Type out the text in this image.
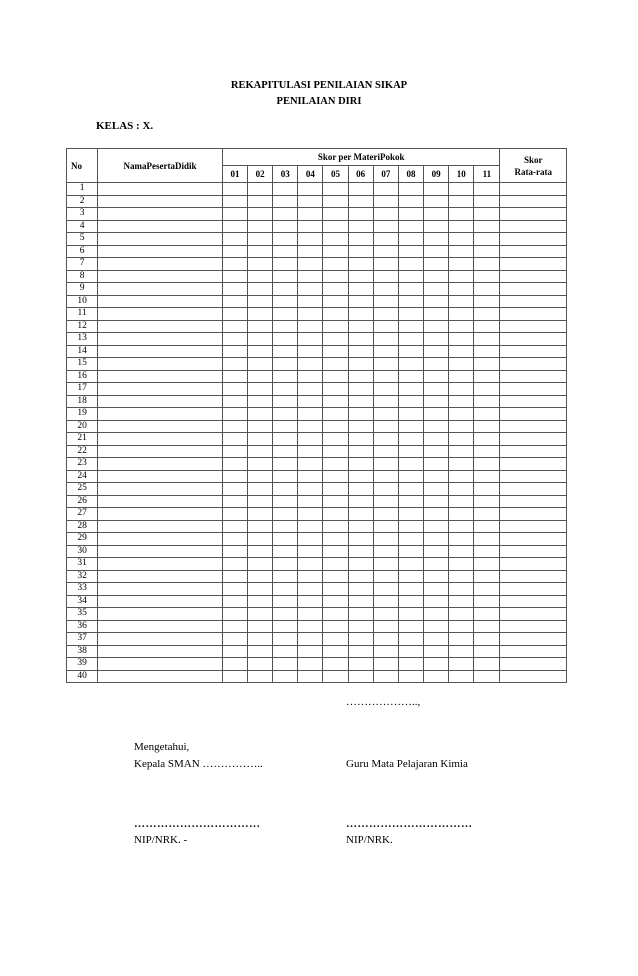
REKAPITULASI PENILAIAN SIKAP
PENILAIAN DIRI
KELAS : X.
No	NamaPesertaDidik	Skor per MateriPokok											Skor
Rata-rata

		01	02	03	04	05	06	07	08	09	10	11	
1													
2													
3													
4													
5													
6													
7													
8													
9													
10													
11													
12													
13													
14													
15													
16													
17													
18													
19													
20													
21													
22													
23													
24													
25													
26													
27													
28													
29													
30													
31													
32													
33													
34													
35													
36													
37													
38													
39													
40													
………………..,
Mengetahui,
Kepala SMAN ……………..	Guru Mata Pelajaran Kimia
……………………………	……………………………
NIP/NRK. -	NIP/NRK.
